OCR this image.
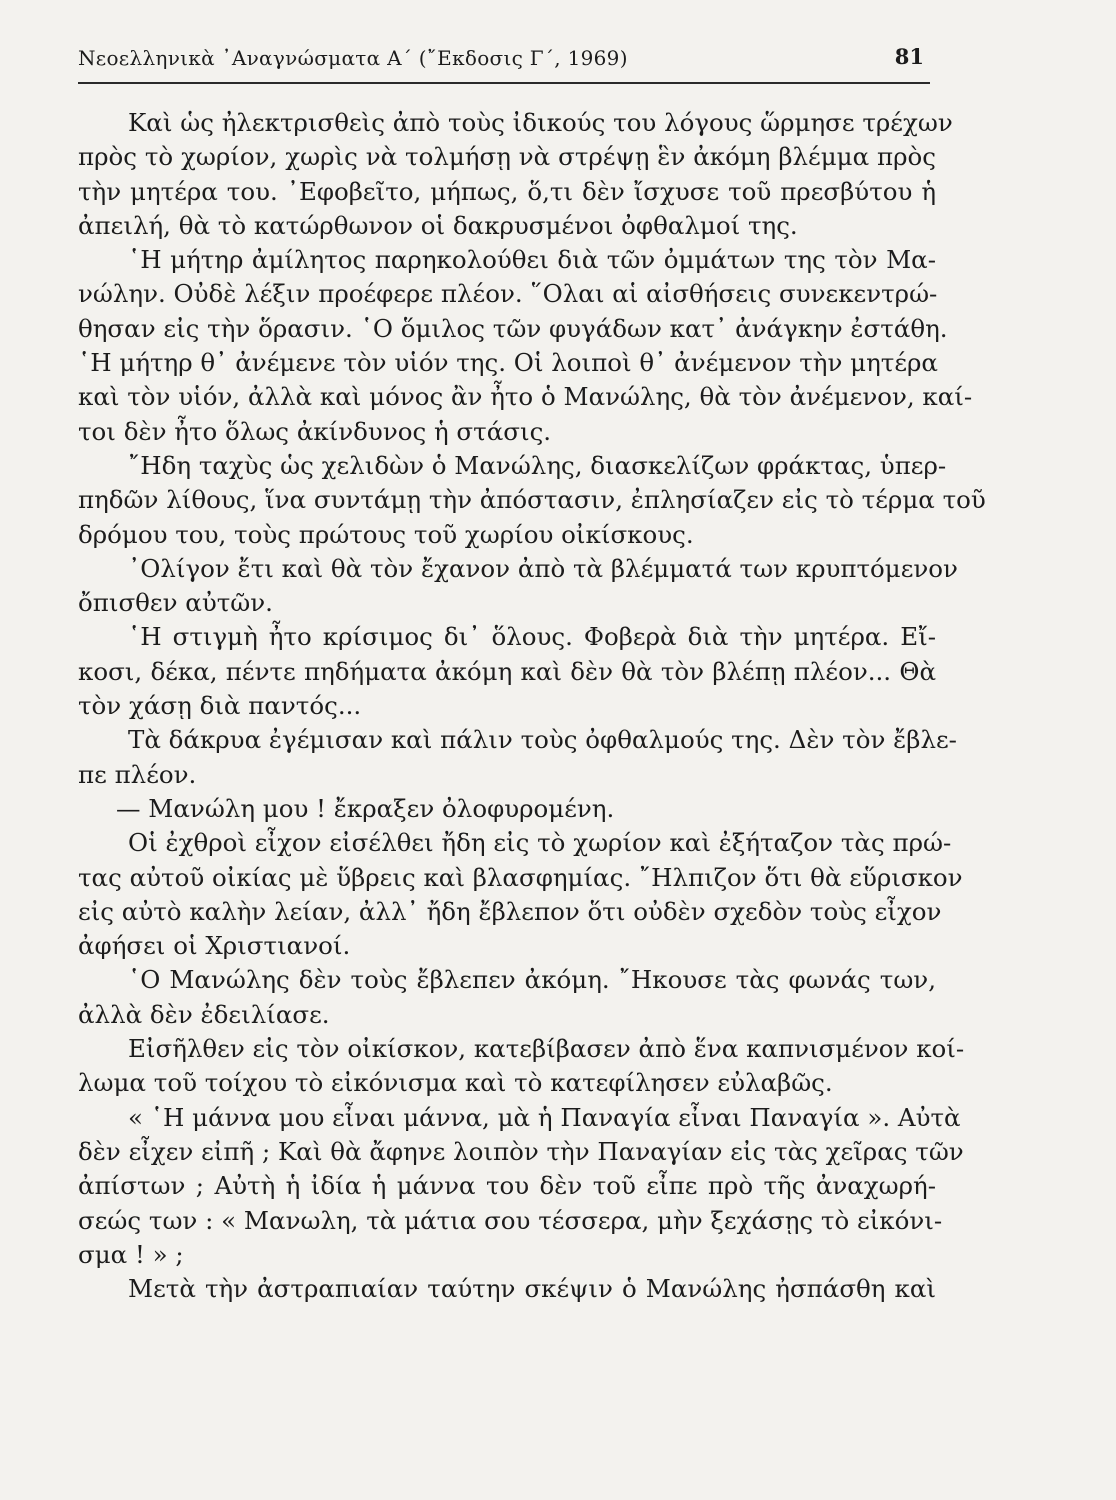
Νεοελληνικὰ ᾽Αναγνώσματα Α´ (῎Εκδοσις Γ΄, 1969)	81

Καὶ ὡς ἠλεκτρισθεὶς ἀπὸ τοὺς ἰδικούς του λόγους ὥρμησε τρέχων
πρὸς τὸ χωρίον, χωρὶς νὰ τολμήσῃ νὰ στρέψῃ ἓν ἀκόμη βλέμμα πρὸς
τὴν μητέρα του. ᾽Εφοβεῖτο, μήπως, ὅ,τι δὲν ἴσχυσε τοῦ πρεσβύτου ἡ
ἀπειλή, θὰ τὸ κατώρθωνον οἱ δακρυσμένοι ὀφθαλμοί της.

῾Η μήτηρ ἀμίλητος παρηκολούθει διὰ τῶν ὀμμάτων της τὸν Μα-
νώλην. Οὐδὲ λέξιν προέφερε πλέον. ῞Ολαι αἱ αἰσθήσεις συνεκεντρώ-
θησαν εἰς τὴν ὅρασιν. ῾Ο ὅμιλος τῶν φυγάδων κατ᾽ ἀνάγκην ἐστάθη.
῾Η μήτηρ θ᾽ ἀνέμενε τὸν υἱόν της. Οἱ λοιποὶ θ᾽ ἀνέμενον τὴν μητέρα
καὶ τὸν υἱόν, ἀλλὰ καὶ μόνος ἂν ἦτο ὁ Μανώλης, θὰ τὸν ἀνέμενον, καί-
τοι δὲν ἦτο ὅλως ἀκίνδυνος ἡ στάσις.

῎Ηδη ταχὺς ὡς χελιδὼν ὁ Μανώλης, διασκελίζων φράκτας, ὑπερ-
πηδῶν λίθους, ἵνα συντάμῃ τὴν ἀπόστασιν, ἐπλησίαζεν εἰς τὸ τέρμα τοῦ
δρόμου του, τοὺς πρώτους τοῦ χωρίου οἰκίσκους.

᾽Ολίγον ἔτι καὶ θὰ τὸν ἔχανον ἀπὸ τὰ βλέμματά των κρυπτόμενον
ὄπισθεν αὐτῶν.

῾Η στιγμὴ ἦτο κρίσιμος δι᾽ ὅλους. Φοβερὰ διὰ τὴν μητέρα. Εἴ-
κοσι, δέκα, πέντε πηδήματα ἀκόμη καὶ δὲν θὰ τὸν βλέπῃ πλέον... Θὰ
τὸν χάσῃ διὰ παντός...

Τὰ δάκρυα ἐγέμισαν καὶ πάλιν τοὺς ὀφθαλμούς της. Δὲν τὸν ἔβλε-
πε πλέον.

— Μανώλη μου ! ἔκραξεν ὀλοφυρομένη.

Οἱ ἐχθροὶ εἶχον εἰσέλθει ἤδη εἰς τὸ χωρίον καὶ ἐξήταζον τὰς πρώ-
τας αὐτοῦ οἰκίας μὲ ὕβρεις καὶ βλασφημίας. ῎Ηλπιζον ὅτι θὰ εὕρισκον
εἰς αὐτὸ καλὴν λείαν, ἀλλ᾽ ἤδη ἔβλεπον ὅτι οὐδὲν σχεδὸν τοὺς εἶχον
ἀφήσει οἱ Χριστιανοί.

῾Ο Μανώλης δὲν τοὺς ἔβλεπεν ἀκόμη. ῎Ηκουσε τὰς φωνάς των,
ἀλλὰ δὲν ἐδειλίασε.

Εἰσῆλθεν εἰς τὸν οἰκίσκον, κατεβίβασεν ἀπὸ ἕνα καπνισμένον κοί-
λωμα τοῦ τοίχου τὸ εἰκόνισμα καὶ τὸ κατεφίλησεν εὐλαβῶς.

« ῾Η μάννα μου εἶναι μάννα, μὰ ἡ Παναγία εἶναι Παναγία ». Αὐτὰ
δὲν εἶχεν εἰπῆ ; Καὶ θὰ ἄφηνε λοιπὸν τὴν Παναγίαν εἰς τὰς χεῖρας τῶν
ἀπίστων ; Αὐτὴ ἡ ἰδία ἡ μάννα του δὲν τοῦ εἶπε πρὸ τῆς ἀναχωρή-
σεώς των : « Μανωλη, τὰ μάτια σου τέσσερα, μὴν ξεχάσῃς τὸ εἰκόνι-
σμα ! » ;

Μετὰ τὴν ἀστραπιαίαν ταύτην σκέψιν ὁ Μανώλης ἠσπάσθη καὶ
